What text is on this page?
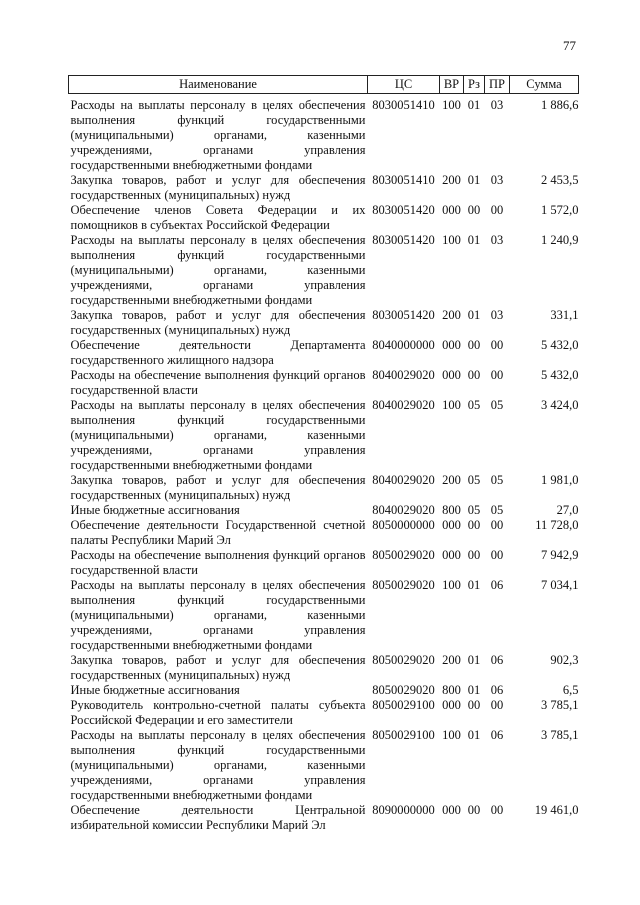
77
Наименование	ЦС	ВР	Рз	ПР	Сумма
Расходы на выплаты персоналу в целях обеспечения выполнения функций государственными (муниципальными) органами, казенными учреждениями, органами управления государственными внебюджетными фондами	8030051410	100	01	03	1 886,6
Закупка товаров, работ и услуг для обеспечения государственных (муниципальных) нужд	8030051410	200	01	03	2 453,5
Обеспечение членов Совета Федерации и их помощников в субъектах Российской Федерации	8030051420	000	00	00	1 572,0
Расходы на выплаты персоналу в целях обеспечения выполнения функций государственными (муниципальными) органами, казенными учреждениями, органами управления государственными внебюджетными фондами	8030051420	100	01	03	1 240,9
Закупка товаров, работ и услуг для обеспечения государственных (муниципальных) нужд	8030051420	200	01	03	331,1
Обеспечение деятельности Департамента государственного жилищного надзора	8040000000	000	00	00	5 432,0
Расходы на обеспечение выполнения функций органов государственной власти	8040029020	000	00	00	5 432,0
Расходы на выплаты персоналу в целях обеспечения выполнения функций государственными (муниципальными) органами, казенными учреждениями, органами управления государственными внебюджетными фондами	8040029020	100	05	05	3 424,0
Закупка товаров, работ и услуг для обеспечения государственных (муниципальных) нужд	8040029020	200	05	05	1 981,0
Иные бюджетные ассигнования	8040029020	800	05	05	27,0
Обеспечение деятельности Государственной счетной палаты Республики Марий Эл	8050000000	000	00	00	11 728,0
Расходы на обеспечение выполнения функций органов государственной власти	8050029020	000	00	00	7 942,9
Расходы на выплаты персоналу в целях обеспечения выполнения функций государственными (муниципальными) органами, казенными учреждениями, органами управления государственными внебюджетными фондами	8050029020	100	01	06	7 034,1
Закупка товаров, работ и услуг для обеспечения государственных (муниципальных) нужд	8050029020	200	01	06	902,3
Иные бюджетные ассигнования	8050029020	800	01	06	6,5
Руководитель контрольно-счетной палаты субъекта Российской Федерации и его заместители	8050029100	000	00	00	3 785,1
Расходы на выплаты персоналу в целях обеспечения выполнения функций государственными (муниципальными) органами, казенными учреждениями, органами управления государственными внебюджетными фондами	8050029100	100	01	06	3 785,1
Обеспечение деятельности Центральной избирательной комиссии Республики Марий Эл	8090000000	000	00	00	19 461,0
